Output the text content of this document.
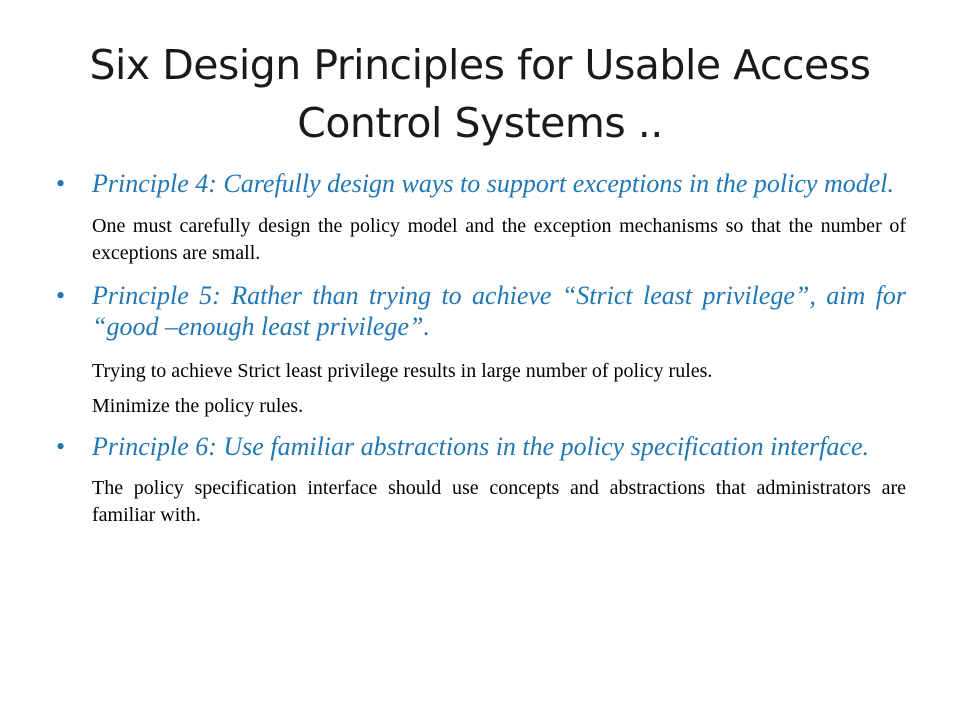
Six Design Principles for Usable Access Control Systems ..

• Principle 4: Carefully design ways to support exceptions in the policy model.

One must carefully design the policy model and the exception mechanisms so that the number of exceptions are small.

• Principle 5: Rather than trying to achieve “Strict least privilege”, aim for “good –enough least privilege”.

Trying to achieve Strict least privilege results in large number of policy rules.

Minimize the policy rules.

• Principle 6: Use familiar abstractions in the policy specification interface.

The policy specification interface should use concepts and abstractions that administrators are familiar with.
